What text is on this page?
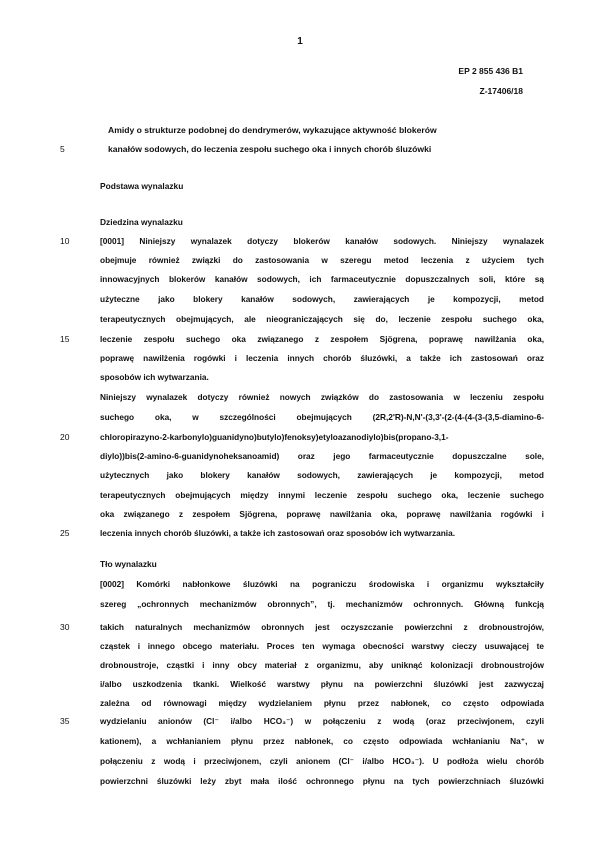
1
EP 2 855 436 B1
Z-17406/18
Amidy o strukturze podobnej do dendrymerów, wykazujące aktywność blokerów
kanałów sodowych, do leczenia zespołu suchego oka i innych chorób śluzówki
Podstawa wynalazku
Dziedzina wynalazku
Tło wynalazku
5
10
15
20
25
30
35
[0001] Niniejszy wynalazek dotyczy blokerów kanałów sodowych. Niniejszy wynalazek
obejmuje również związki do zastosowania w szeregu metod leczenia z użyciem tych
innowacyjnych blokerów kanałów sodowych, ich farmaceutycznie dopuszczalnych soli, które są
użyteczne jako blokery kanałów sodowych, zawierających je kompozycji, metod
terapeutycznych obejmujących, ale nieograniczających się do, leczenie zespołu suchego oka,
leczenie zespołu suchego oka związanego z zespołem Sjögrena, poprawę nawilżania oka,
poprawę nawilżenia rogówki i leczenia innych chorób śluzówki, a także ich zastosowań oraz
sposobów ich wytwarzania.
Niniejszy wynalazek dotyczy również nowych związków do zastosowania w leczeniu zespołu
suchego oka, w szczególności obejmujących (2R,2'R)-N,N'-(3,3'-(2-(4-(4-(3-(3,5-diamino-6-
chloropirazyno-2-karbonylo)guanidyno)butylo)fenoksy)etyloazanodiylo)bis(propano-3,1-
diylo))bis(2-amino-6-guanidynoheksanoamid) oraz jego farmaceutycznie dopuszczalne sole,
użytecznych jako blokery kanałów sodowych, zawierających je kompozycji, metod
terapeutycznych obejmujących między innymi leczenie zespołu suchego oka, leczenie suchego
oka związanego z zespołem Sjögrena, poprawę nawilżania oka, poprawę nawilżania rogówki i
leczenia innych chorób śluzówki, a także ich zastosowań oraz sposobów ich wytwarzania.
[0002] Komórki nabłonkowe śluzówki na pograniczu środowiska i organizmu wykształciły
szereg „ochronnych mechanizmów obronnych”, tj. mechanizmów ochronnych. Główną funkcją
takich naturalnych mechanizmów obronnych jest oczyszczanie powierzchni z drobnoustrojów,
cząstek i innego obcego materiału. Proces ten wymaga obecności warstwy cieczy usuwającej te
drobnoustroje, cząstki i inny obcy materiał z organizmu, aby uniknąć kolonizacji drobnoustrojów
i/albo uszkodzenia tkanki. Wielkość warstwy płynu na powierzchni śluzówki jest zazwyczaj
zależna od równowagi między wydzielaniem płynu przez nabłonek, co często odpowiada
wydzielaniu anionów (Cl⁻ i/albo HCO₃⁻) w połączeniu z wodą (oraz przeciwjonem, czyli
kationem), a wchłanianiem płynu przez nabłonek, co często odpowiada wchłanianiu Na⁺, w
połączeniu z wodą i przeciwjonem, czyli anionem (Cl⁻ i/albo HCO₃⁻). U podłoża wielu chorób
powierzchni śluzówki leży zbyt mała ilość ochronnego płynu na tych powierzchniach śluzówki
